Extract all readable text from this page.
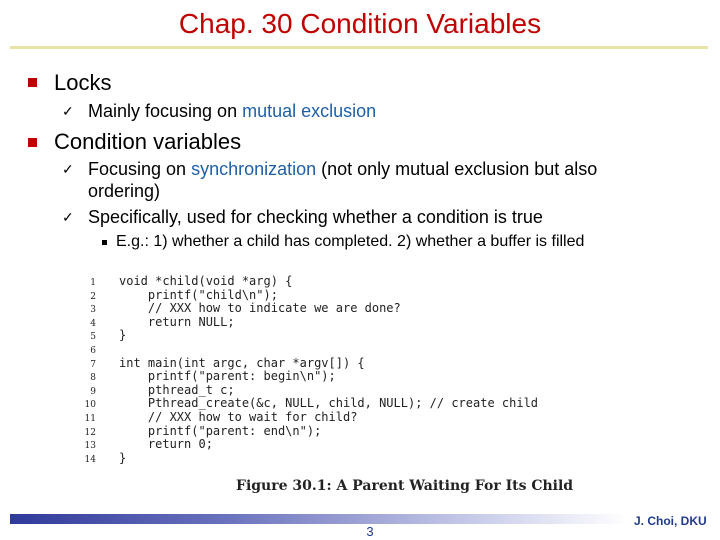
Chap. 30 Condition Variables
Locks
✓ Mainly focusing on mutual exclusion
Condition variables
✓ Focusing on synchronization (not only mutual exclusion but also
ordering)
✓ Specifically, used for checking whether a condition is true
E.g.: 1) whether a child has completed. 2) whether a buffer is filled
1 void *child(void *arg) {
2 printf("child\n");
3 // XXX how to indicate we are done?
4 return NULL;
5 }
6
7 int main(int argc, char *argv[]) {
8 printf("parent: begin\n");
9 pthread_t c;
10 Pthread_create(&c, NULL, child, NULL); // create child
11 // XXX how to wait for child?
12 printf("parent: end\n");
13 return 0;
14 }
Figure 30.1: A Parent Waiting For Its Child
3
J. Choi, DKU
